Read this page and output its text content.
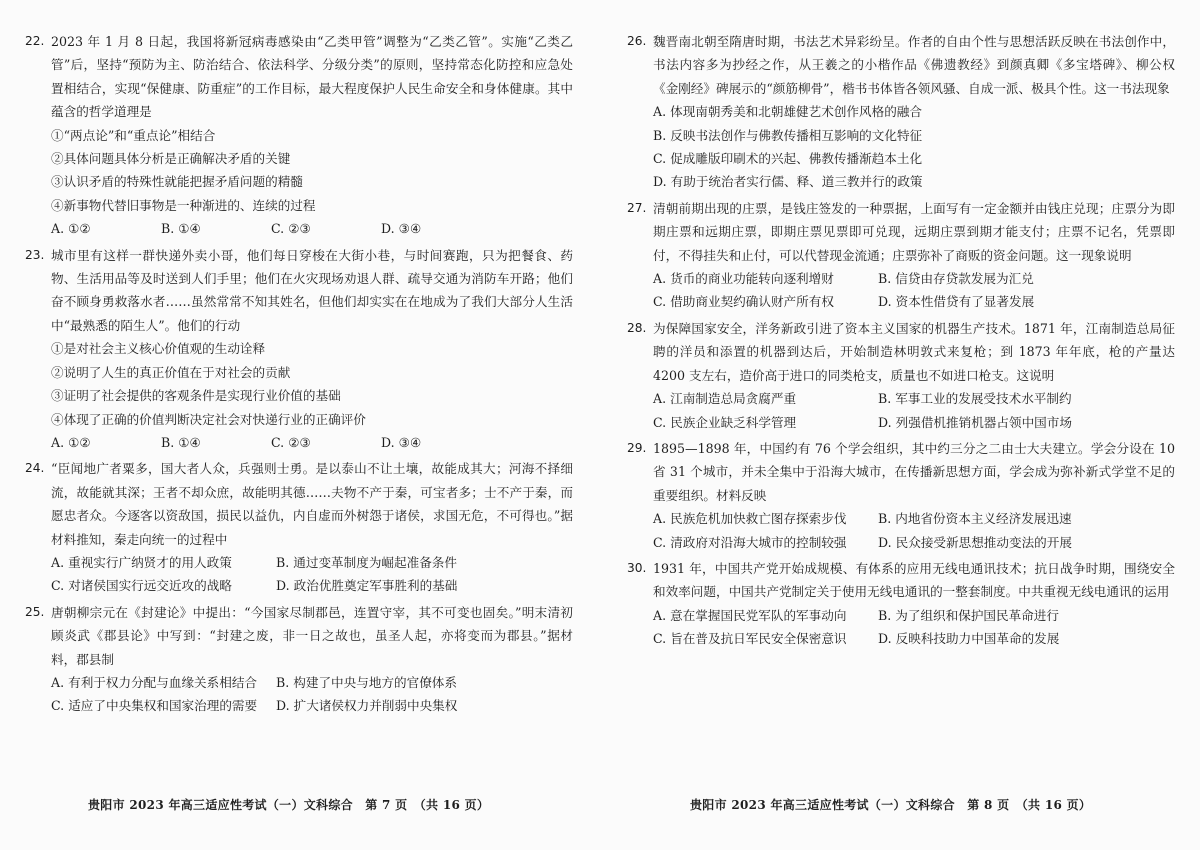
22. 2023 年 1 月 8 日起，我国将新冠病毒感染由“乙类甲管”调整为“乙类乙管”。实施“乙类乙管”后，坚持“预防为主、防治结合、依法科学、分级分类”的原则，坚持常态化防控和应急处置相结合，实现“保健康、防重症”的工作目标，最大程度保护人民生命安全和身体健康。其中蕴含的哲学道理是
①“两点论”和“重点论”相结合
②具体问题具体分析是正确解决矛盾的关键
③认识矛盾的特殊性就能把握矛盾问题的精髓
④新事物代替旧事物是一种渐进的、连续的过程
A. ①②	B. ①④	C. ②③	D. ③④
23. 城市里有这样一群快递外卖小哥，他们每日穿梭在大街小巷，与时间赛跑，只为把餐食、药物、生活用品等及时送到人们手里；他们在火灾现场劝退人群、疏导交通为消防车开路；他们奋不顾身勇救落水者……虽然常常不知其姓名，但他们却实实在在地成为了我们大部分人生活中“最熟悉的陌生人”。他们的行动
①是对社会主义核心价值观的生动诠释
②说明了人生的真正价值在于对社会的贡献
③证明了社会提供的客观条件是实现行业价值的基础
④体现了正确的价值判断决定社会对快递行业的正确评价
A. ①②	B. ①④	C. ②③	D. ③④
24. “臣闻地广者粟多，国大者人众，兵强则士勇。是以泰山不让土壤，故能成其大；河海不择细流，故能就其深；王者不却众庶，故能明其德……夫物不产于秦，可宝者多；士不产于秦，而愿忠者众。今逐客以资敌国，损民以益仇，内自虚而外树怨于诸侯，求国无危，不可得也。”据材料推知，秦走向统一的过程中
A. 重视实行广纳贤才的用人政策	B. 通过变革制度为崛起准备条件
C. 对诸侯国实行远交近攻的战略	D. 政治优胜奠定军事胜利的基础
25. 唐朝柳宗元在《封建论》中提出：“今国家尽制郡邑，连置守宰，其不可变也固矣。”明末清初顾炎武《郡县论》中写到：“封建之废，非一日之故也，虽圣人起，亦将变而为郡县。”据材料，郡县制
A. 有利于权力分配与血缘关系相结合	B. 构建了中央与地方的官僚体系
C. 适应了中央集权和国家治理的需要	D. 扩大诸侯权力并削弱中央集权
贵阳市 2023 年高三适应性考试（一）文科综合　第 7 页　（共 16 页）
26. 魏晋南北朝至隋唐时期，书法艺术异彩纷呈。作者的自由个性与思想活跃反映在书法创作中，书法内容多为抄经之作，从王羲之的小楷作品《佛遗教经》到颜真卿《多宝塔碑》、柳公权《金刚经》碑展示的“颜筋柳骨”，楷书书体皆各领风骚、自成一派、极具个性。这一书法现象
A. 体现南朝秀美和北朝雄健艺术创作风格的融合
B. 反映书法创作与佛教传播相互影响的文化特征
C. 促成雕版印刷术的兴起、佛教传播渐趋本土化
D. 有助于统治者实行儒、释、道三教并行的政策
27. 清朝前期出现的庄票，是钱庄签发的一种票据，上面写有一定金额并由钱庄兑现；庄票分为即期庄票和远期庄票，即期庄票见票即可兑现，远期庄票到期才能支付；庄票不记名，凭票即付，不得挂失和止付，可以代替现金流通；庄票弥补了商贩的资金问题。这一现象说明
A. 货币的商业功能转向逐利增财	B. 信贷由存贷款发展为汇兑
C. 借助商业契约确认财产所有权	D. 资本性借贷有了显著发展
28. 为保障国家安全，洋务新政引进了资本主义国家的机器生产技术。1871 年，江南制造总局征聘的洋员和添置的机器到达后，开始制造林明敦式来复枪；到 1873 年年底，枪的产量达 4200 支左右，造价高于进口的同类枪支，质量也不如进口枪支。这说明
A. 江南制造总局贪腐严重	B. 军事工业的发展受技术水平制约
C. 民族企业缺乏科学管理	D. 列强借机推销机器占领中国市场
29. 1895—1898 年，中国约有 76 个学会组织，其中约三分之二由士大夫建立。学会分设在 10 省 31 个城市，并未全集中于沿海大城市，在传播新思想方面，学会成为弥补新式学堂不足的重要组织。材料反映
A. 民族危机加快救亡图存探索步伐	B. 内地省份资本主义经济发展迅速
C. 清政府对沿海大城市的控制较强	D. 民众接受新思想推动变法的开展
30. 1931 年，中国共产党开始成规模、有体系的应用无线电通讯技术；抗日战争时期，围绕安全和效率问题，中国共产党制定关于使用无线电通讯的一整套制度。中共重视无线电通讯的运用
A. 意在掌握国民党军队的军事动向	B. 为了组织和保护国民革命进行
C. 旨在普及抗日军民安全保密意识	D. 反映科技助力中国革命的发展
贵阳市 2023 年高三适应性考试（一）文科综合　第 8 页　（共 16 页）
